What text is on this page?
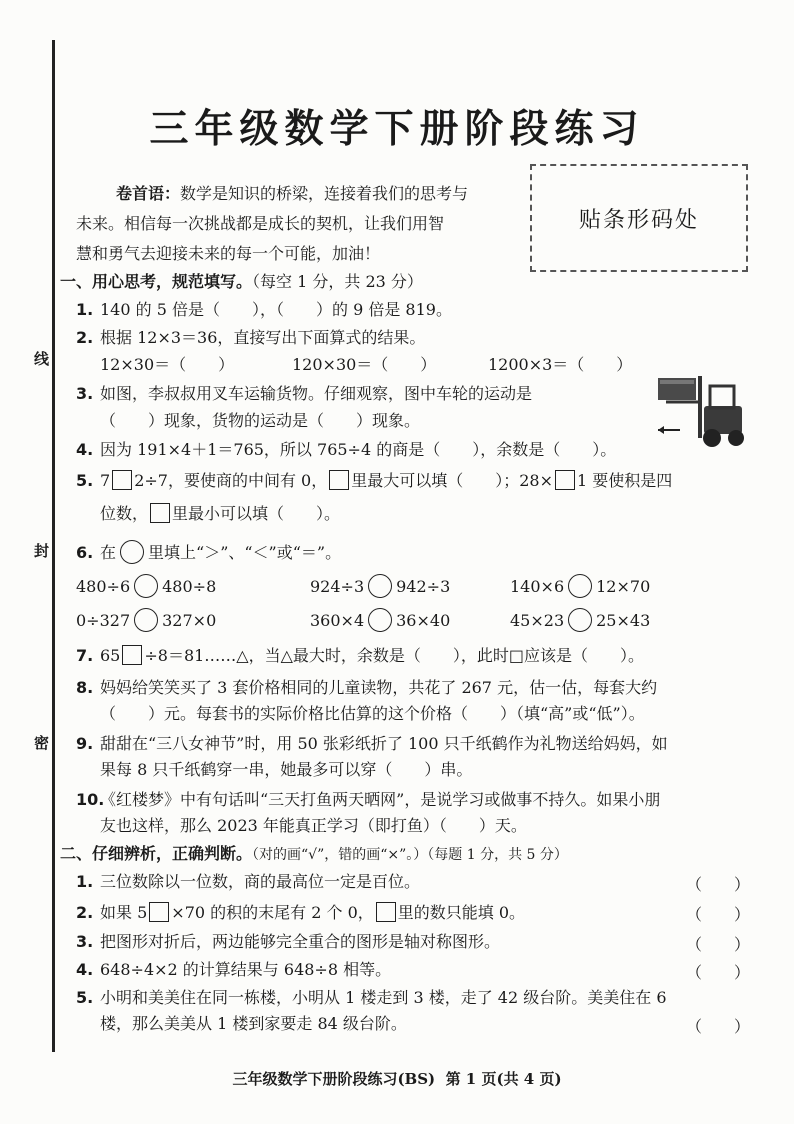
线
封
密
三年级数学下册阶段练习
贴条形码处
卷首语：数学是知识的桥梁，连接着我们的思考与
未来。相信每一次挑战都是成长的契机，让我们用智
慧和勇气去迎接未来的每一个可能，加油！
一、用心思考，规范填写。（每空 1 分，共 23 分）
1. 140 的 5 倍是（　　），（　　）的 9 倍是 819。
2. 根据 12×3＝36，直接写出下面算式的结果。
12×30＝（　　）	120×30＝（　　）	1200×3＝（　　）
3. 如图，李叔叔用叉车运输货物。仔细观察，图中车轮的运动是
（　　）现象，货物的运动是（　　）现象。
4. 因为 191×4＋1＝765，所以 765÷4 的商是（　　），余数是（　　）。
5. 7 2÷7，要使商的中间有 0， 里最大可以填（　　）；28× 1 要使积是四
位数， 里最小可以填（　　）。
6. 在 里填上“＞”、“＜”或“＝”。
480÷6 480÷8	924÷3 942÷3	140×6 12×70
0÷327 327×0	360×4 36×40	45×23 25×43
7. 65 ÷8＝81……△，当△最大时，余数是（　　），此时□应该是（　　）。
8. 妈妈给笑笑买了 3 套价格相同的儿童读物，共花了 267 元，估一估，每套大约
（　　）元。每套书的实际价格比估算的这个价格（　　）（填“高”或“低”）。
9. 甜甜在“三八女神节”时，用 50 张彩纸折了 100 只千纸鹤作为礼物送给妈妈，如
果每 8 只千纸鹤穿一串，她最多可以穿（　　）串。
10.《红楼梦》中有句话叫“三天打鱼两天晒网”，是说学习或做事不持久。如果小朋
友也这样，那么 2023 年能真正学习（即打鱼）（　　）天。
二、仔细辨析，正确判断。（对的画“√”，错的画“×”。）（每题 1 分，共 5 分）
1. 三位数除以一位数，商的最高位一定是百位。	（　　）
2. 如果 5 ×70 的积的末尾有 2 个 0， 里的数只能填 0。	（　　）
3. 把图形对折后，两边能够完全重合的图形是轴对称图形。	（　　）
4. 648÷4×2 的计算结果与 648÷8 相等。	（　　）
5. 小明和美美住在同一栋楼，小明从 1 楼走到 3 楼，走了 42 级台阶。美美住在 6
楼，那么美美从 1 楼到家要走 84 级台阶。	（　　）
三年级数学下册阶段练习(BS)  第 1 页(共 4 页)
